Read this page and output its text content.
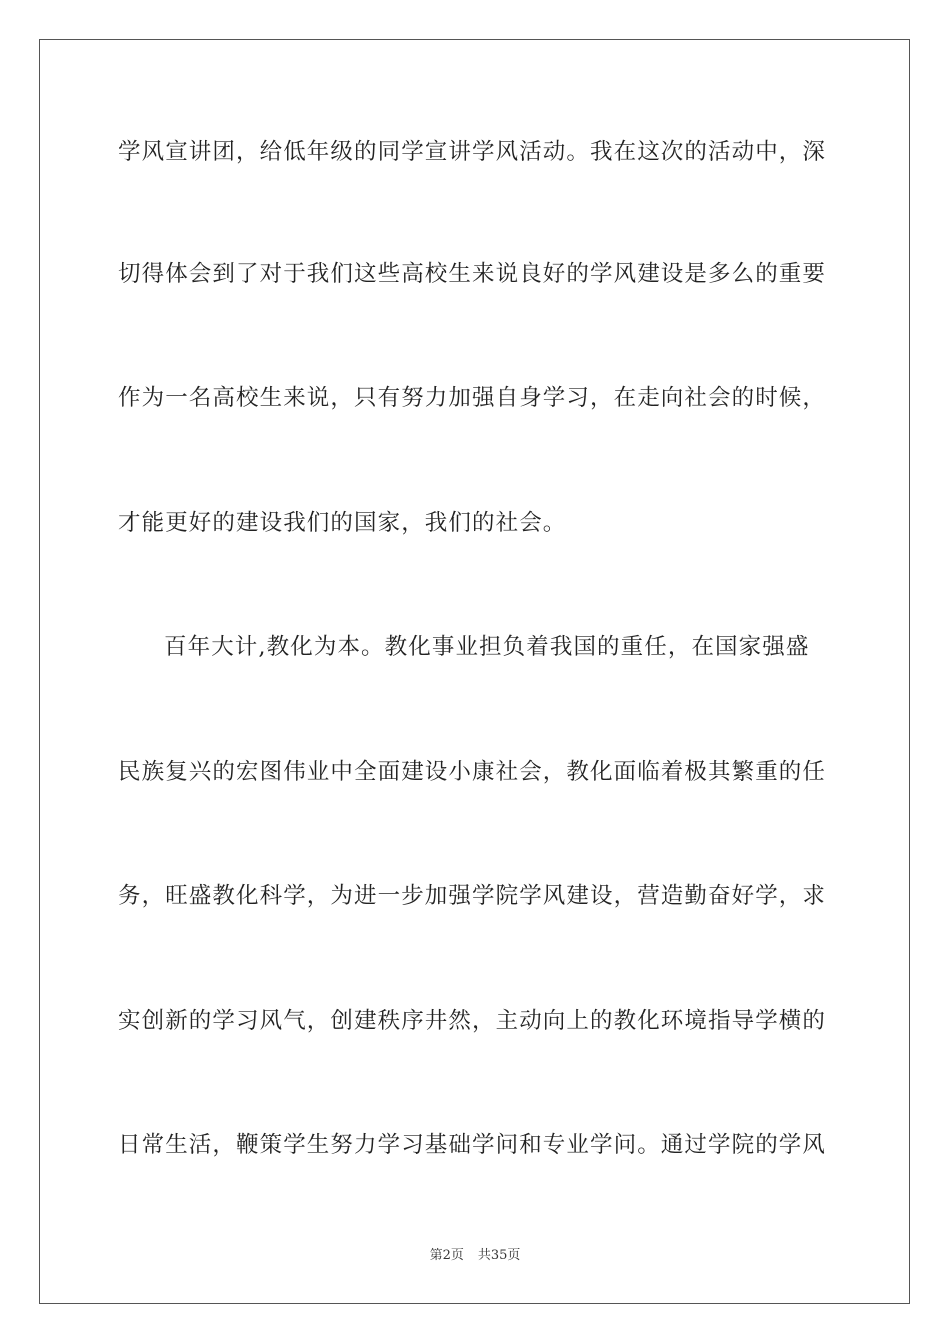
学风宣讲团，给低年级的同学宣讲学风活动。我在这次的活动中，深
切得体会到了对于我们这些高校生来说良好的学风建设是多么的重要
作为一名高校生来说，只有努力加强自身学习，在走向社会的时候，
才能更好的建设我们的国家，我们的社会。
百年大计,教化为本。教化事业担负着我国的重任，在国家强盛
民族复兴的宏图伟业中全面建设小康社会，教化面临着极其繁重的任
务，旺盛教化科学，为进一步加强学院学风建设，营造勤奋好学，求
实创新的学习风气，创建秩序井然，主动向上的教化环境指导学横的
日常生活，鞭策学生努力学习基础学问和专业学问。通过学院的学风
第2页 共35页
